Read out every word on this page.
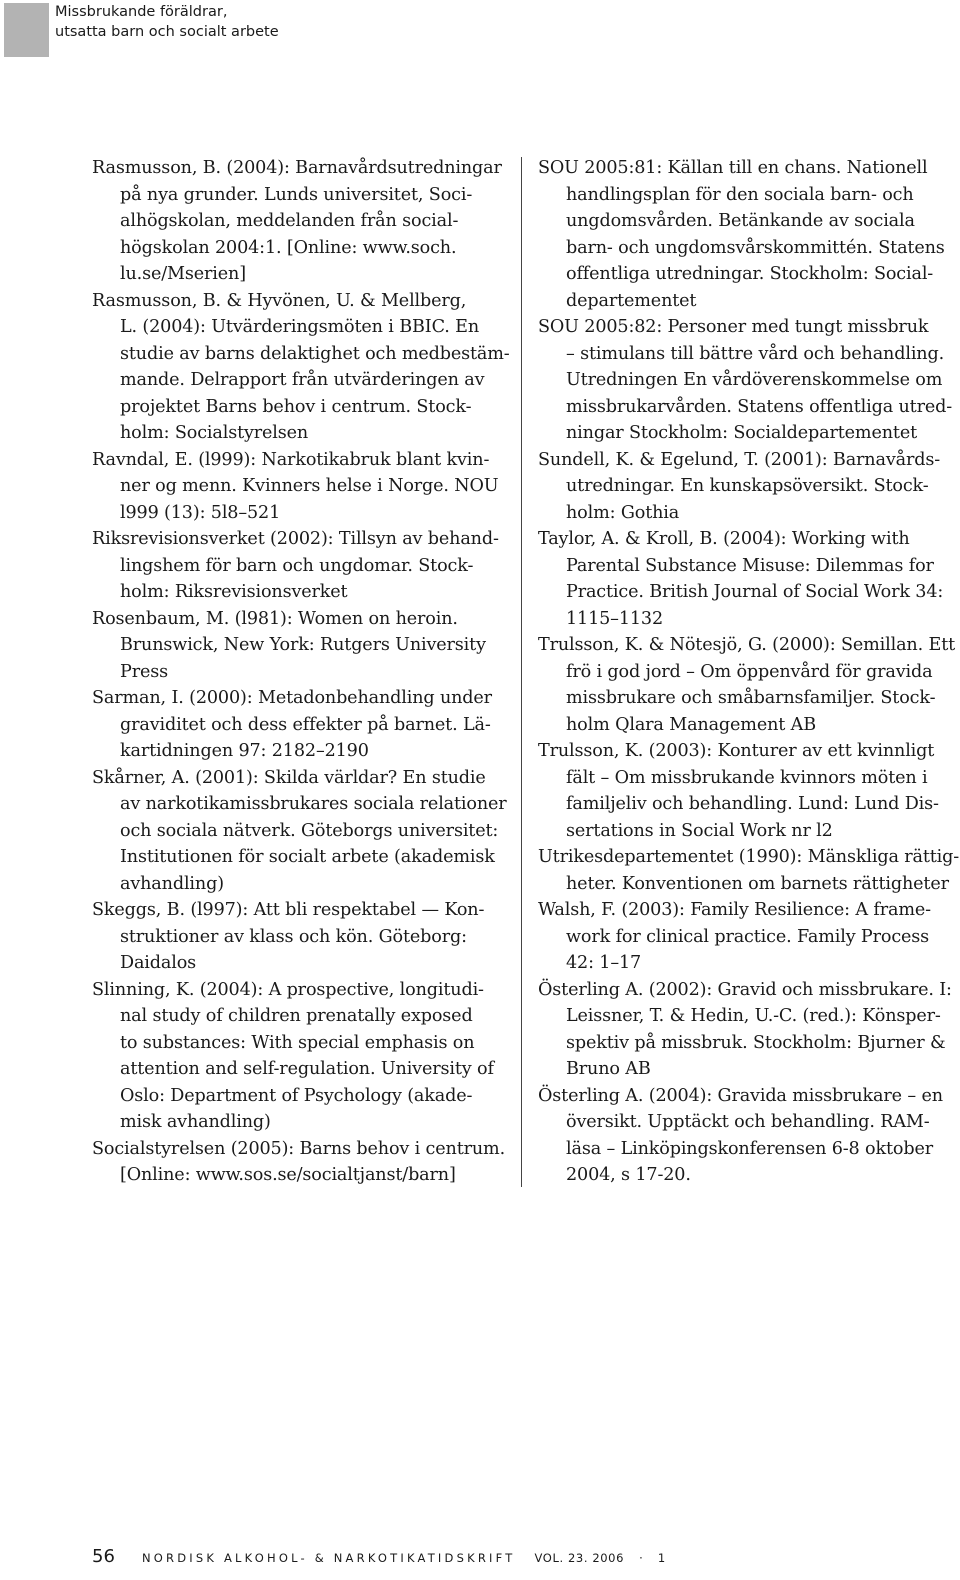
Missbrukande föräldrar,
utsatta barn och socialt arbete
Rasmusson, B. (2004): Barnavårdsutredningar
på nya grunder. Lunds universitet, Soci-
alhögskolan, meddelanden från social-
högskolan 2004:1. [Online: www.soch.
lu.se/Mserien]
Rasmusson, B. & Hyvönen, U. & Mellberg,
L. (2004): Utvärderingsmöten i BBIC. En
studie av barns delaktighet och medbestäm-
mande. Delrapport från utvärderingen av
projektet Barns behov i centrum. Stock-
holm: Socialstyrelsen
Ravndal, E. (l999): Narkotikabruk blant kvin-
ner og menn. Kvinners helse i Norge. NOU
l999 (13): 5l8–521
Riksrevisionsverket (2002): Tillsyn av behand-
lingshem för barn och ungdomar. Stock-
holm: Riksrevisionsverket
Rosenbaum, M. (l981): Women on heroin.
Brunswick, New York: Rutgers University
Press
Sarman, I. (2000): Metadonbehandling under
graviditet och dess effekter på barnet. Lä-
kartidningen 97: 2182–2190
Skårner, A. (2001): Skilda världar? En studie
av narkotikamissbrukares sociala relationer
och sociala nätverk. Göteborgs universitet:
Institutionen för socialt arbete (akademisk
avhandling)
Skeggs, B. (l997): Att bli respektabel — Kon-
struktioner av klass och kön. Göteborg:
Daidalos
Slinning, K. (2004): A prospective, longitudi-
nal study of children prenatally exposed
to substances: With special emphasis on
attention and self-regulation. University of
Oslo: Department of Psychology (akade-
misk avhandling)
Socialstyrelsen (2005): Barns behov i centrum.
[Online: www.sos.se/socialtjanst/barn]
SOU 2005:81: Källan till en chans. Nationell
handlingsplan för den sociala barn- och
ungdomsvården. Betänkande av sociala
barn- och ungdomsvårskommittén. Statens
offentliga utredningar. Stockholm: Social-
departementet
SOU 2005:82: Personer med tungt missbruk
– stimulans till bättre vård och behandling.
Utredningen En vårdöverenskommelse om
missbrukarvården. Statens offentliga utred-
ningar Stockholm: Socialdepartementet
Sundell, K. & Egelund, T. (2001): Barnavårds-
utredningar. En kunskapsöversikt. Stock-
holm: Gothia
Taylor, A. & Kroll, B. (2004): Working with
Parental Substance Misuse: Dilemmas for
Practice. British Journal of Social Work 34:
1115–1132
Trulsson, K. & Nötesjö, G. (2000): Semillan. Ett
frö i god jord – Om öppenvård för gravida
missbrukare och småbarnsfamiljer. Stock-
holm Qlara Management AB
Trulsson, K. (2003): Konturer av ett kvinnligt
fält – Om missbrukande kvinnors möten i
familjeliv och behandling. Lund: Lund Dis-
sertations in Social Work nr l2
Utrikesdepartementet (1990): Mänskliga rättig-
heter. Konventionen om barnets rättigheter
Walsh, F. (2003): Family Resilience: A frame-
work for clinical practice. Family Process
42: 1–17
Österling A. (2002): Gravid och missbrukare. I:
Leissner, T. & Hedin, U.-C. (red.): Könsper-
spektiv på missbruk. Stockholm: Bjurner &
Bruno AB
Österling A. (2004): Gravida missbrukare – en
översikt. Upptäckt och behandling. RAM-
läsa – Linköpingskonferensen 6-8 oktober
2004, s 17-20.
56 NORDISK ALKOHOL- & NARKOTIKATIDSKRIFT VOL. 23. 2006 · 1
